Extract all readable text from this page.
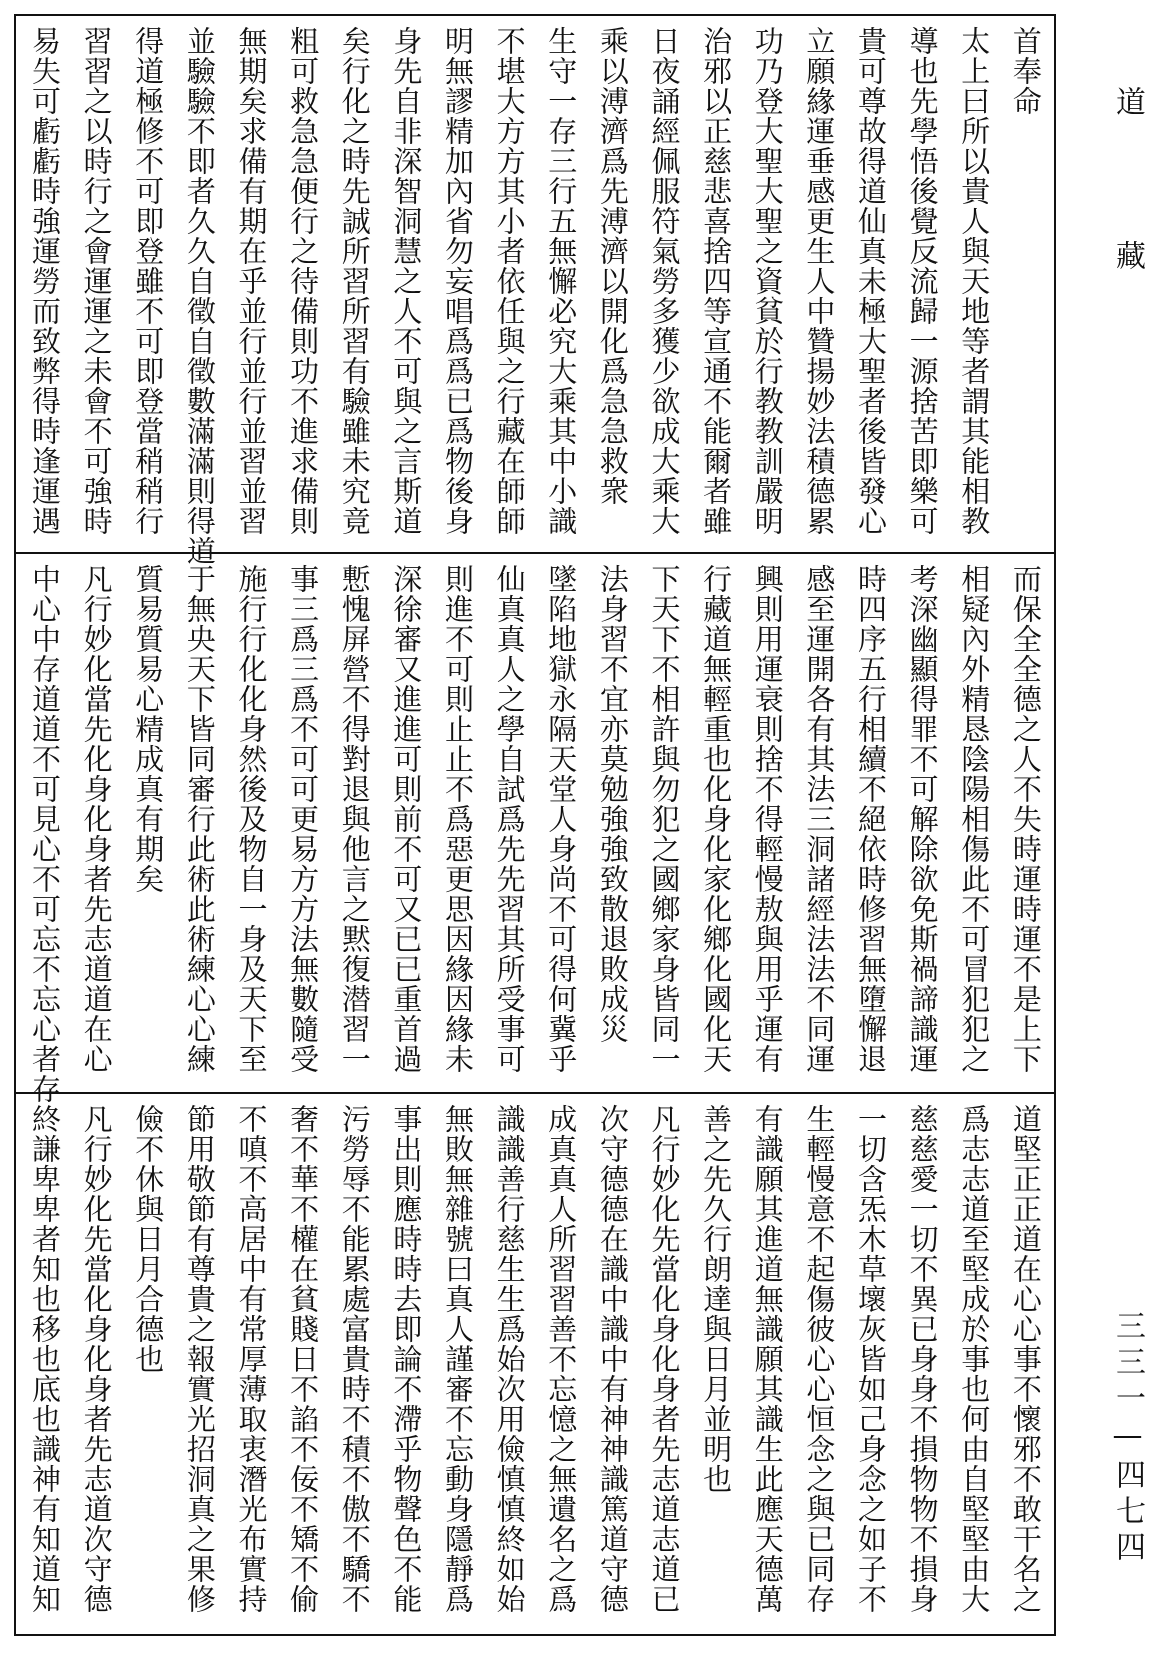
首奉命
太上曰所以貴人與天地等者謂其能相教
導也先學悟後覺反流歸一源捨苦即樂可
貴可尊故得道仙真未極大聖者後皆發心
立願緣運垂感更生人中贊揚妙法積德累
功乃登大聖大聖之資貧於行教教訓嚴明
治邪以正慈悲喜捨四等宣通不能爾者雖
日夜誦經佩服符氣勞多獲少欲成大乘大
乘以溥濟爲先溥濟以開化爲急急救衆
生守一存三行五無懈必究大乘其中小識
不堪大方方其小者依任與之行藏在師師
明無謬精加內省勿妄唱爲爲已爲物後身
身先自非深智洞慧之人不可與之言斯道
矣行化之時先誠所習所習有驗雖未究竟
粗可救急急便行之待備則功不進求備則
無期矣求備有期在乎並行並行並習並習
並驗驗不即者久久自徵自徵數滿滿則得道
得道極修不可即登雖不可即登當稍稍行
習習之以時行之會運運之未會不可強時
易失可虧虧時強運勞而致弊得時逢運遇
而保全全德之人不失時運時運不是上下
相疑內外精恳陰陽相傷此不可冒犯犯之
考深幽顯得罪不可解除欲免斯禍諦識運
時四序五行相續不絕依時修習無墮懈退
感至運開各有其法三洞諸經法法不同運
興則用運衰則捨不得輕慢敖與用乎運有
行藏道無輕重也化身化家化鄉化國化天
下天下不相許與勿犯之國鄉家身皆同一
法身習不宜亦莫勉強強致散退敗成災
墜陷地獄永隔天堂人身尚不可得何冀乎
仙真真人之學自試爲先先習其所受事可
則進不可則止止不爲惡更思因緣因緣未
深徐審又進進可則前不可又已已重首過
慙愧屏營不得對退與他言之黙復潜習一
事三爲三爲不可可更易方方法無數隨受
施行行化化身然後及物自一身及天下至
于無央天下皆同審行此術此術練心心練
質易質易心精成真有期矣
凡行妙化當先化身化身者先志道道在心
中心中存道道不可見心不可忘不忘心者存
道堅正正道在心心事不懷邪不敢干名之
爲志志道至堅成於事也何由自堅堅由大
慈慈愛一切不異已身身不損物物不損身
一切含炁木草壞灰皆如己身念之如子不
生輕慢意不起傷彼心心恒念之與已同存
有識願其進道無識願其識生此應天德萬
善之先久行朗達與日月並明也
凡行妙化先當化身化身者先志道志道已
次守德德在識中識中有神神識篤道守德
成真真人所習習善不忘憶之無遺名之爲
識識善行慈生生爲始次用儉慎慎終如始
無敗無雜號曰真人謹審不忘動身隱靜爲
事出則應時時去即論不滯乎物聲色不能
污勞辱不能累處富貴時不積不傲不驕不
奢不華不權在貧賤日不諂不佞不矯不偷
不嗔不高居中有常厚薄取衷潛光布實持
節用敬節有尊貴之報實光招洞真之果修
儉不休與日月合德也
凡行妙化先當化身化身者先志道次守德
終謙卑卑者知也移也底也識神有知道知
道
藏
三三一—四七四
